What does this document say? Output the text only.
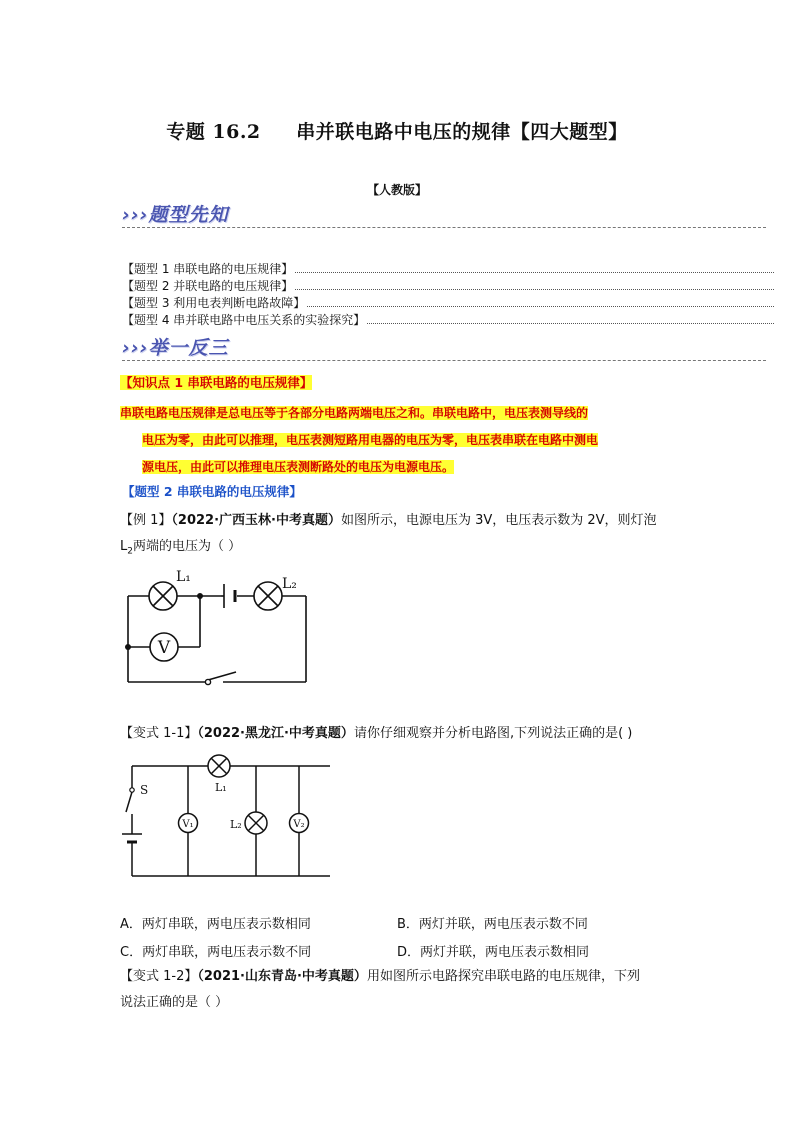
专题 16.2     串并联电路中电压的规律【四大题型】
【人教版】
›››题型先知
【题型 1 串联电路的电压规律】
【题型 2 并联电路的电压规律】
【题型 3 利用电表判断电路故障】
【题型 4 串并联电路中电压关系的实验探究】
›››举一反三
【知识点 1 串联电路的电压规律】
串联电路电压规律是总电压等于各部分电路两端电压之和。串联电路中，电压表测导线的
电压为零，由此可以推理，电压表测短路用电器的电压为零，电压表串联在电路中测电
源电压，由此可以推理电压表测断路处的电压为电源电压。
【题型 2 串联电路的电压规律】
【例 1】（2022·广西玉林·中考真题）如图所示，电源电压为 3V，电压表示数为 2V，则灯泡
$L_2$两端的电压为（ ）
V
L₁	L₂
【变式 1-1】（2022·黑龙江·中考真题）请你仔细观察并分析电路图,下列说法正确的是( )
S	L₁
V₁	L₂	V₂
A．两灯串联，两电压表示数相同	B．两灯并联，两电压表示数不同
C．两灯串联，两电压表示数不同	D．两灯并联，两电压表示数相同
【变式 1-2】（2021·山东青岛·中考真题）用如图所示电路探究串联电路的电压规律，下列
说法正确的是（ ）
